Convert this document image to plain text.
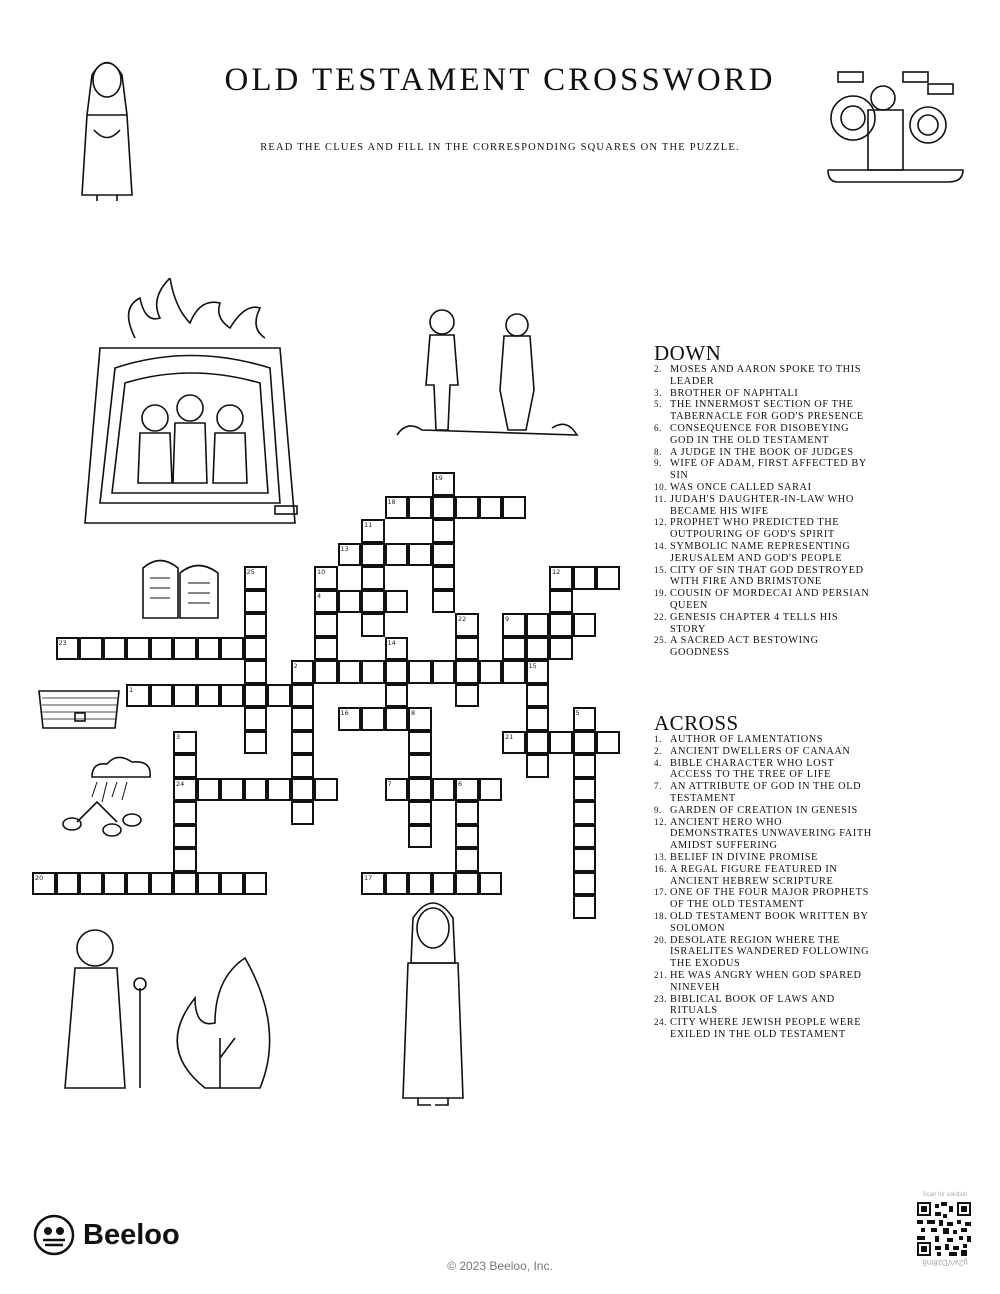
OLD TESTAMENT CROSSWORD
READ THE CLUES AND FILL IN THE CORRESPONDING SQUARES ON THE PUZZLE.
1
2	15
4
7	6
9
12
13
16	8
17
18
20
21
23
24
3
5
10
11
14
19
22
25
DOWN
2. MOSES AND AARON SPOKE TO THIS LEADER
3. BROTHER OF NAPHTALI
5. THE INNERMOST SECTION OF THE TABERNACLE FOR GOD'S PRESENCE
6. CONSEQUENCE FOR DISOBEYING GOD IN THE OLD TESTAMENT
8. A JUDGE IN THE BOOK OF JUDGES
9. WIFE OF ADAM, FIRST AFFECTED BY SIN
10. WAS ONCE CALLED SARAI
11. JUDAH'S DAUGHTER-IN-LAW WHO BECAME HIS WIFE
12. PROPHET WHO PREDICTED THE OUTPOURING OF GOD'S SPIRIT
14. SYMBOLIC NAME REPRESENTING JERUSALEM AND GOD'S PEOPLE
15. CITY OF SIN THAT GOD DESTROYED WITH FIRE AND BRIMSTONE
19. COUSIN OF MORDECAI AND PERSIAN QUEEN
22. GENESIS CHAPTER 4 TELLS HIS STORY
25. A SACRED ACT BESTOWING GOODNESS
ACROSS
1. AUTHOR OF LAMENTATIONS
2. ANCIENT DWELLERS OF CANAAN
4. BIBLE CHARACTER WHO LOST ACCESS TO THE TREE OF LIFE
7. AN ATTRIBUTE OF GOD IN THE OLD TESTAMENT
9. GARDEN OF CREATION IN GENESIS
12. ANCIENT HERO WHO DEMONSTRATES UNWAVERING FAITH AMIDST SUFFERING
13. BELIEF IN DIVINE PROMISE
16. A REGAL FIGURE FEATURED IN ANCIENT HEBREW SCRIPTURE
17. ONE OF THE FOUR MAJOR PROPHETS OF THE OLD TESTAMENT
18. OLD TESTAMENT BOOK WRITTEN BY SOLOMON
20. DESOLATE REGION WHERE THE ISRAELITES WANDERED FOLLOWING THE EXODUS
21. HE WAS ANGRY WHEN GOD SPARED NINEVEH
23. BIBLICAL BOOK OF LAWS AND RITUALS
24. CITY WHERE JEWISH PEOPLE WERE EXILED IN THE OLD TESTAMENT
Beeloo
© 2023 Beeloo, Inc.
Scan for solution
g2wVDz8m6
